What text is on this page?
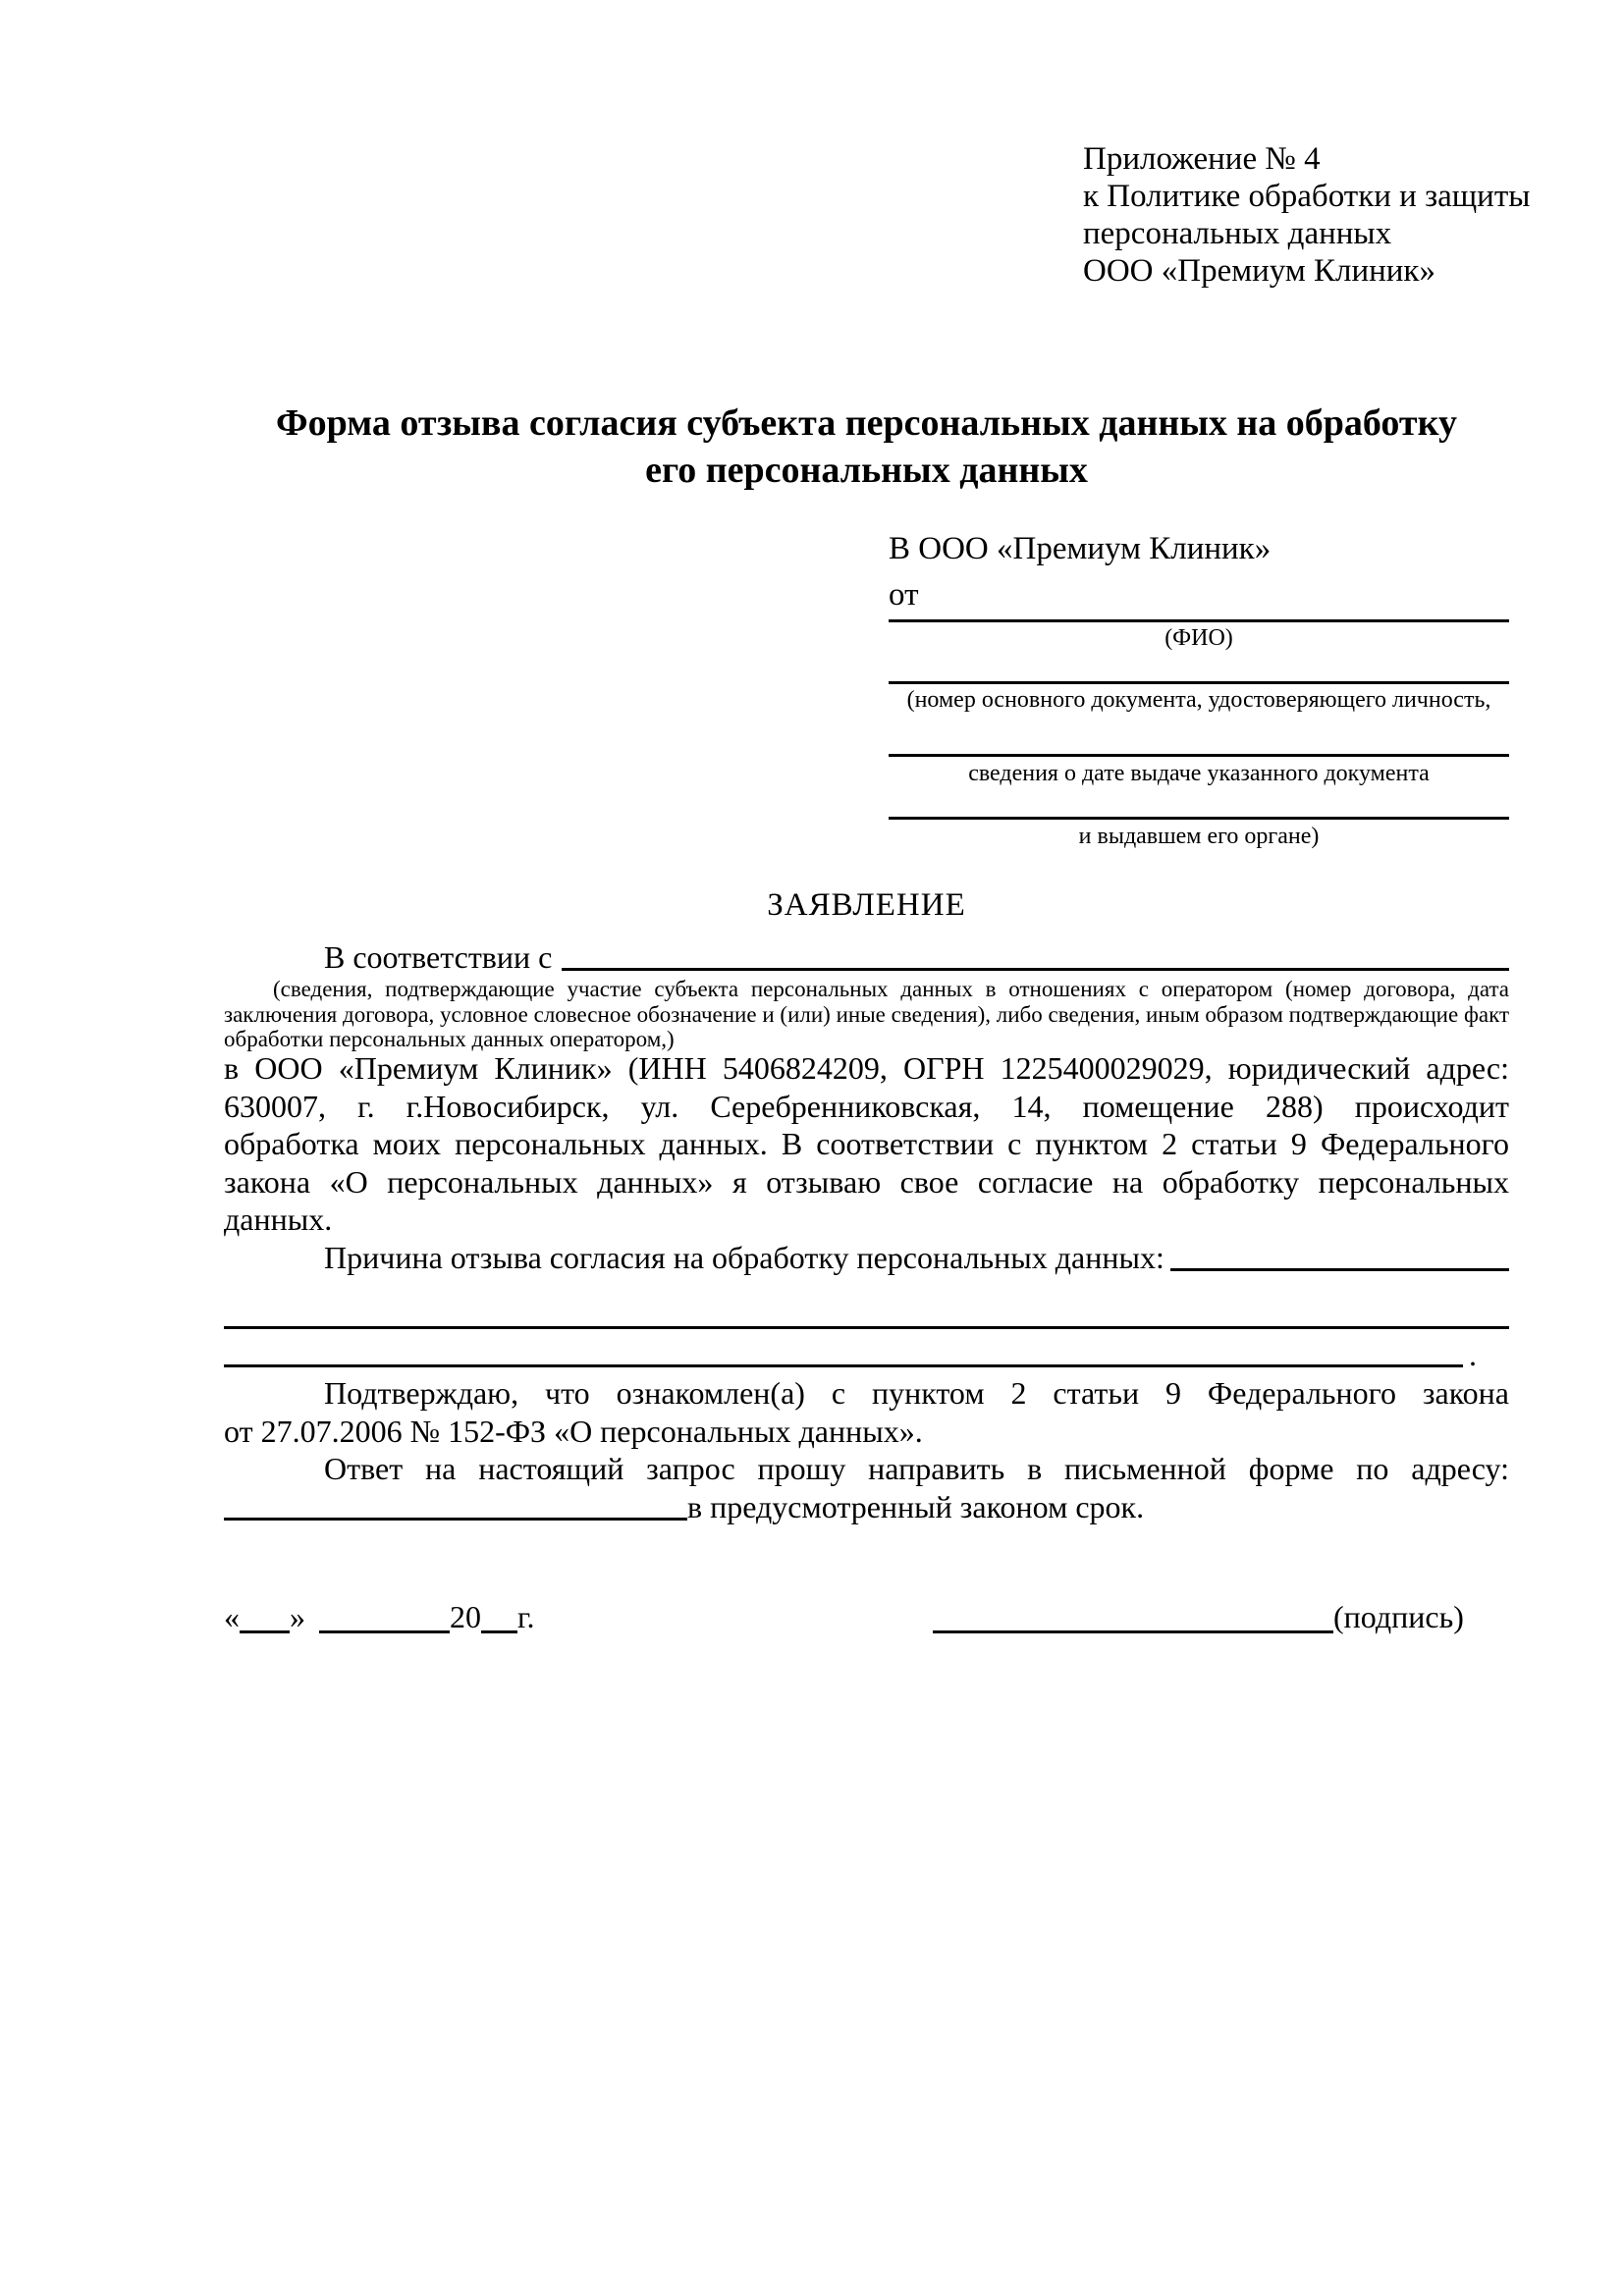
Приложение № 4
к Политике обработки и защиты
персональных данных
ООО «Премиум Клиник»
Форма отзыва согласия субъекта персональных данных на обработку
его персональных данных
В ООО «Премиум Клиник»
от
(ФИО)
(номер основного документа, удостоверяющего личность,
сведения о дате выдаче указанного документа
и выдавшем его органе)
ЗАЯВЛЕНИЕ
В соответствии с
(сведения, подтверждающие участие субъекта персональных данных в отношениях с оператором (номер договора, дата
заключения договора, условное словесное обозначение и (или) иные сведения), либо сведения, иным образом подтверждающие факт
обработки персональных данных оператором,)
в ООО «Премиум Клиник» (ИНН 5406824209, ОГРН 1225400029029, юридический адрес:
630007, г. г.Новосибирск, ул. Серебренниковская, 14, помещение 288) происходит
обработка моих персональных данных. В соответствии с пунктом 2 статьи 9 Федерального
закона «О персональных данных» я отзываю свое согласие на обработку персональных
данных.
Причина отзыва согласия на обработку персональных данных:
.
Подтверждаю, что ознакомлен(а) с пунктом 2 статьи 9 Федерального закона
от 27.07.2006 № 152-ФЗ «О персональных данных».
Ответ на настоящий запрос прошу направить в письменной форме по адресу:
в предусмотренный законом срок.
« »	20 г.	(подпись)
